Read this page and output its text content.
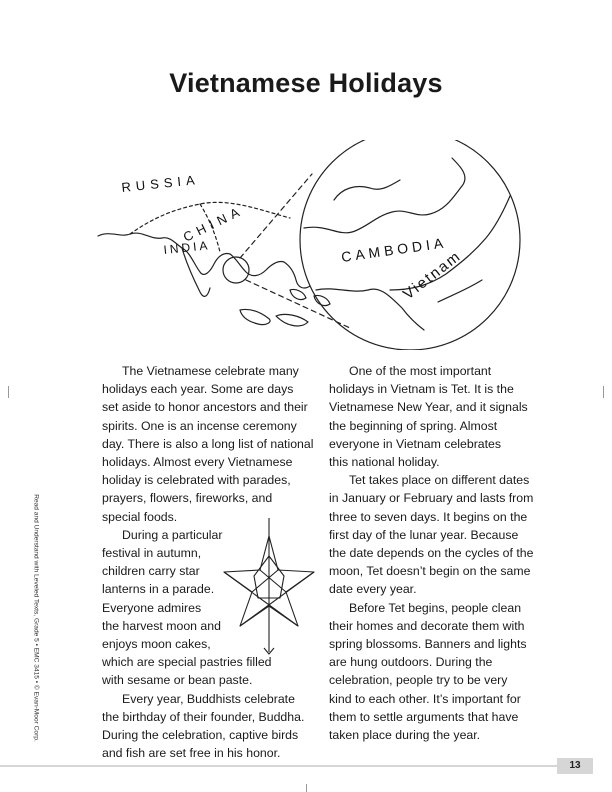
Vietnamese Holidays
RUSSIA
CHINA
INDIA	CAMBODIA
Vietnam

The Vietnamese celebrate many

holidays each year. Some are days

set aside to honor ancestors and their

spirits. One is an incense ceremony

day. There is also a long list of national

holidays. Almost every Vietnamese

holiday is celebrated with parades,

prayers, flowers, fireworks, and

special foods.

During a particular

festival in autumn,

children carry star

lanterns in a parade.

Everyone admires

the harvest moon and

enjoys moon cakes,

which are special pastries filled

with sesame or bean paste.

Every year, Buddhists celebrate

the birthday of their founder, Buddha.

During the celebration, captive birds

and fish are set free in his honor.

One of the most important

holidays in Vietnam is Tet. It is the

Vietnamese New Year, and it signals

the beginning of spring. Almost

everyone in Vietnam celebrates

this national holiday.

Tet takes place on different dates

in January or February and lasts from

three to seven days. It begins on the

first day of the lunar year. Because

the date depends on the cycles of the

moon, Tet doesn’t begin on the same

date every year.

Before Tet begins, people clean

their homes and decorate them with

spring blossoms. Banners and lights

are hung outdoors. During the

celebration, people try to be very

kind to each other. It’s important for

them to settle arguments that have

taken place during the year.

Read and Understand with Leveled Texts, Grade 5 • EMC 3415 • © Evan-Moor Corp.
13
